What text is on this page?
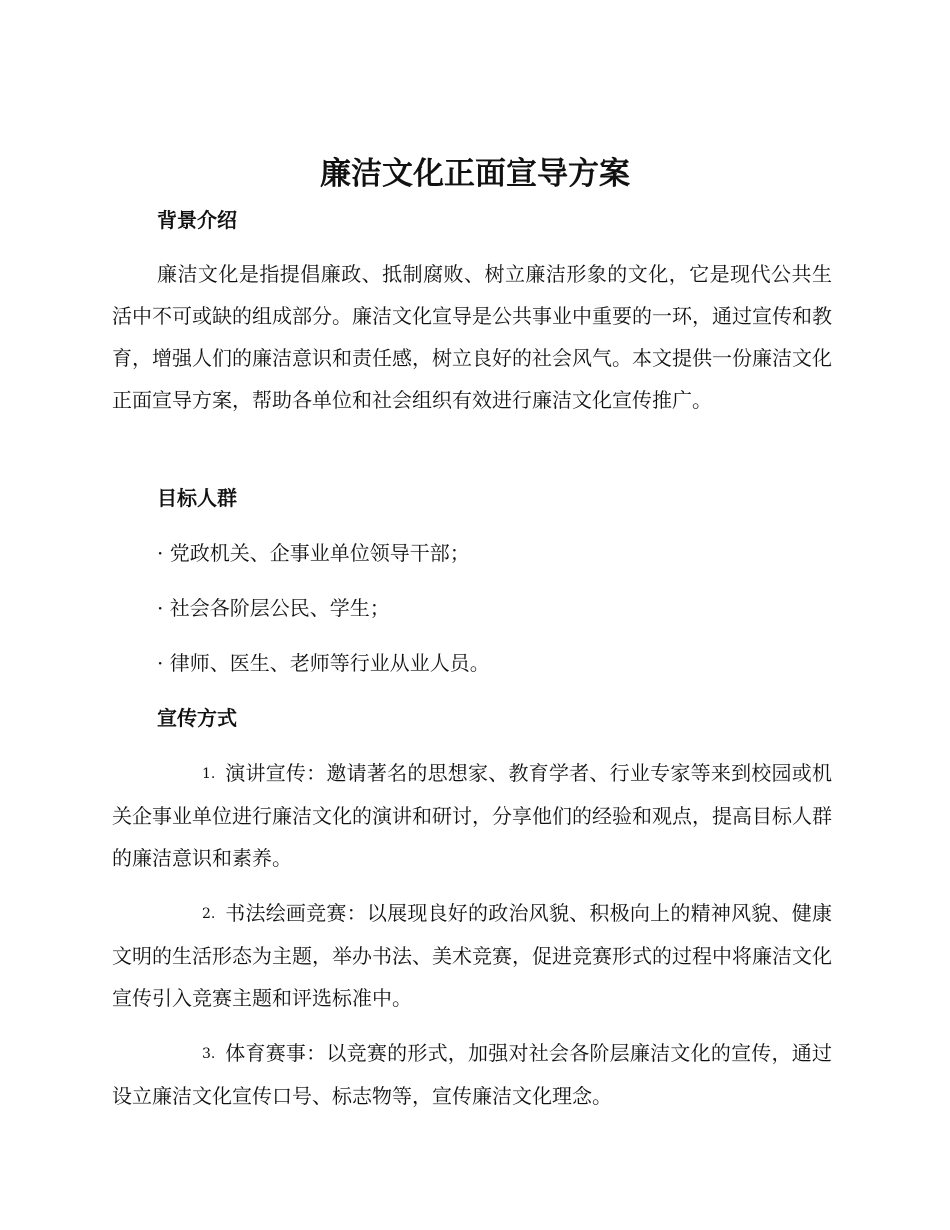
廉洁文化正面宣导方案
背景介绍

廉洁文化是指提倡廉政、抵制腐败、树立廉洁形象的文化，它是现代公共生活中不可或缺的组成部分。廉洁文化宣导是公共事业中重要的一环，通过宣传和教育，增强人们的廉洁意识和责任感，树立良好的社会风气。本文提供一份廉洁文化正面宣导方案，帮助各单位和社会组织有效进行廉洁文化宣传推广。

目标人群

· 党政机关、企事业单位领导干部；

· 社会各阶层公民、学生；

· 律师、医生、老师等行业从业人员。

宣传方式

1. 演讲宣传：邀请著名的思想家、教育学者、行业专家等来到校园或机关企事业单位进行廉洁文化的演讲和研讨，分享他们的经验和观点，提高目标人群的廉洁意识和素养。

2. 书法绘画竞赛：以展现良好的政治风貌、积极向上的精神风貌、健康文明的生活形态为主题，举办书法、美术竞赛，促进竞赛形式的过程中将廉洁文化宣传引入竞赛主题和评选标准中。

3. 体育赛事：以竞赛的形式，加强对社会各阶层廉洁文化的宣传，通过设立廉洁文化宣传口号、标志物等，宣传廉洁文化理念。
